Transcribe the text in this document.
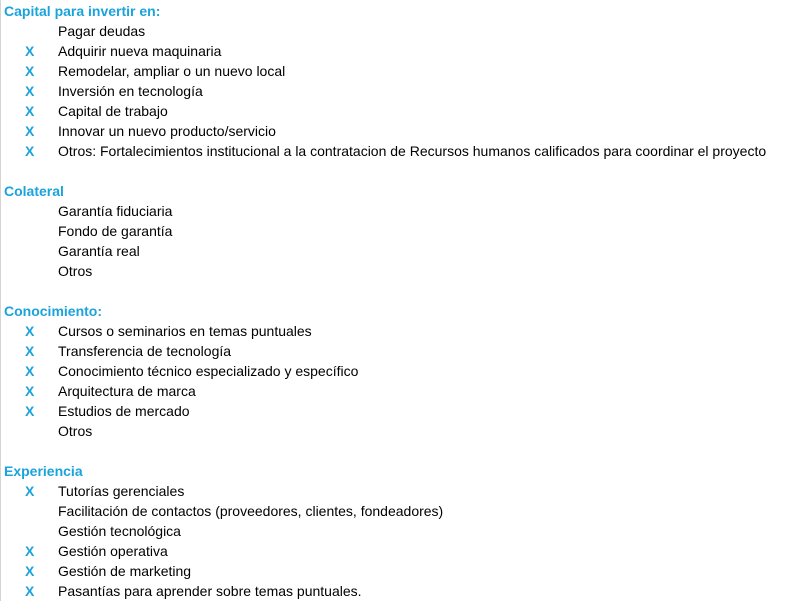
Capital para invertir en:
Pagar deudas
X Adquirir nueva maquinaria
X Remodelar, ampliar o un nuevo local
X Inversión en tecnología
X Capital de trabajo
X Innovar un nuevo producto/servicio
X Otros: Fortalecimientos institucional a la contratacion de Recursos humanos calificados para coordinar el proyecto
Colateral
Garantía fiduciaria
Fondo de garantía
Garantía real
Otros
Conocimiento:
X Cursos o seminarios en temas puntuales
X Transferencia de tecnología
X Conocimiento técnico especializado y específico
X Arquitectura de marca
X Estudios de mercado
Otros
Experiencia
X Tutorías gerenciales
Facilitación de contactos (proveedores, clientes, fondeadores)
Gestión tecnológica
X Gestión operativa
X Gestión de marketing
X Pasantías para aprender sobre temas puntuales.
